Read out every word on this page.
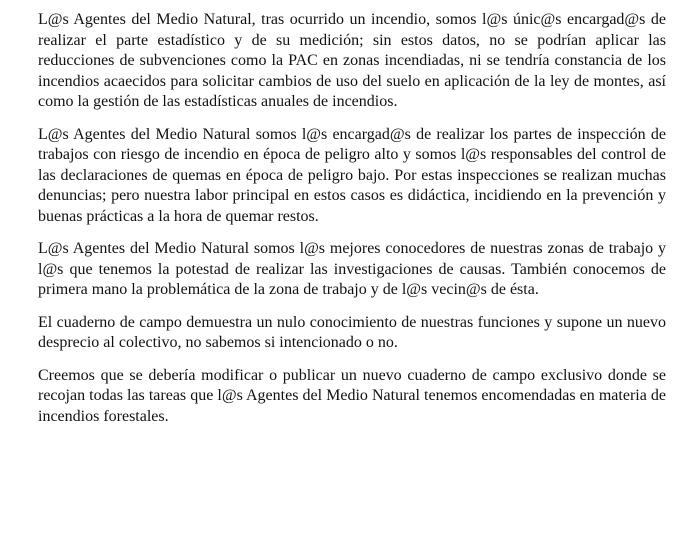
L@s Agentes del Medio Natural, tras ocurrido un incendio, somos l@s únic@s encargad@s de realizar el parte estadístico y de su medición; sin estos datos, no se podrían aplicar las reducciones de subvenciones como la PAC en zonas incendiadas, ni se tendría constancia de los incendios acaecidos para solicitar cambios de uso del suelo en aplicación de la ley de montes, así como la gestión de las estadísticas anuales de incendios.

L@s Agentes del Medio Natural somos l@s encargad@s de realizar los partes de inspección de trabajos con riesgo de incendio en época de peligro alto y somos l@s responsables del control de las declaraciones de quemas en época de peligro bajo. Por estas inspecciones se realizan muchas denuncias; pero nuestra labor principal en estos casos es didáctica, incidiendo en la prevención y buenas prácticas a la hora de quemar restos.

L@s Agentes del Medio Natural somos l@s mejores conocedores de nuestras zonas de trabajo y l@s que tenemos la potestad de realizar las investigaciones de causas. También conocemos de primera mano la problemática de la zona de trabajo y de l@s vecin@s de ésta.

El cuaderno de campo demuestra un nulo conocimiento de nuestras funciones y supone un nuevo desprecio al colectivo, no sabemos si intencionado o no.

Creemos que se debería modificar o publicar un nuevo cuaderno de campo exclusivo donde se recojan todas las tareas que l@s Agentes del Medio Natural tenemos encomendadas en materia de incendios forestales.
